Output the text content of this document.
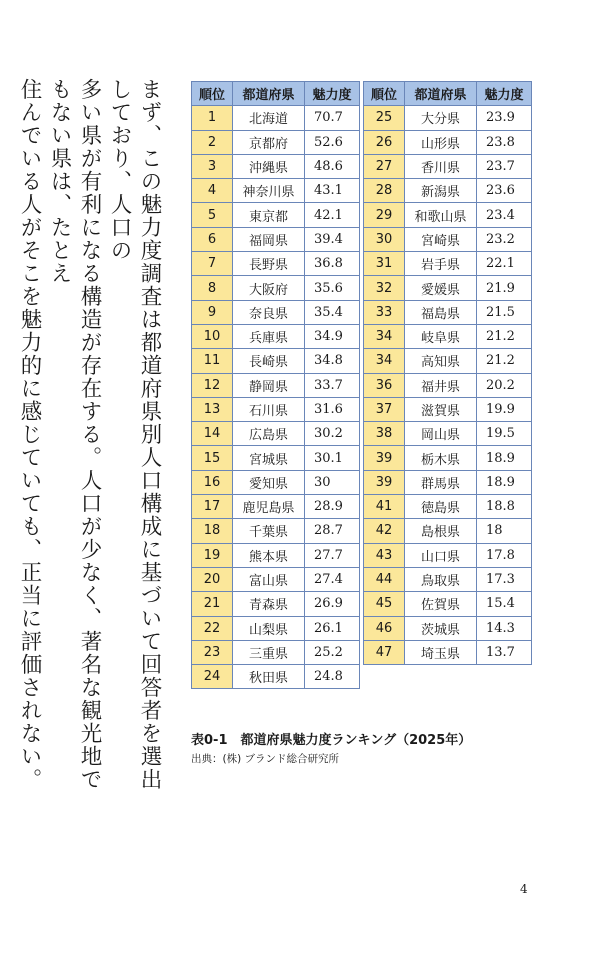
まず、この魅力度調査は都道府県別人口構成に基づいて回答者を選出しており、人口の

多い県が有利になる構造が存在する。人口が少なく、著名な観光地でもない県は、たとえ

住んでいる人がそこを魅力的に感じていても、正当に評価されない。	順位	都道府県	魅力度
1	北海道	70.7
2	京都府	52.6
3	沖縄県	48.6
4	神奈川県	43.1
5	東京都	42.1
6	福岡県	39.4
7	長野県	36.8
8	大阪府	35.6
9	奈良県	35.4
10	兵庫県	34.9
11	長崎県	34.8
12	静岡県	33.7
13	石川県	31.6
14	広島県	30.2
15	宮城県	30.1
16	愛知県	30
17	鹿児島県	28.9
18	千葉県	28.7
19	熊本県	27.7
20	富山県	27.4
21	青森県	26.9
22	山梨県	26.1
23	三重県	25.2
24	秋田県	24.8
順位	都道府県	魅力度
25	大分県	23.9
26	山形県	23.8
27	香川県	23.7
28	新潟県	23.6
29	和歌山県	23.4
30	宮崎県	23.2
31	岩手県	22.1
32	愛媛県	21.9
33	福島県	21.5
34	岐阜県	21.2
34	高知県	21.2
36	福井県	20.2
37	滋賀県	19.9
38	岡山県	19.5
39	栃木県	18.9
39	群馬県	18.9
41	徳島県	18.8
42	島根県	18
43	山口県	17.8
44	鳥取県	17.3
45	佐賀県	15.4
46	茨城県	14.3
47	埼玉県	13.7
表0-1　都道府県魅力度ランキング（2025年）
出典：(株) ブランド総合研究所
4
